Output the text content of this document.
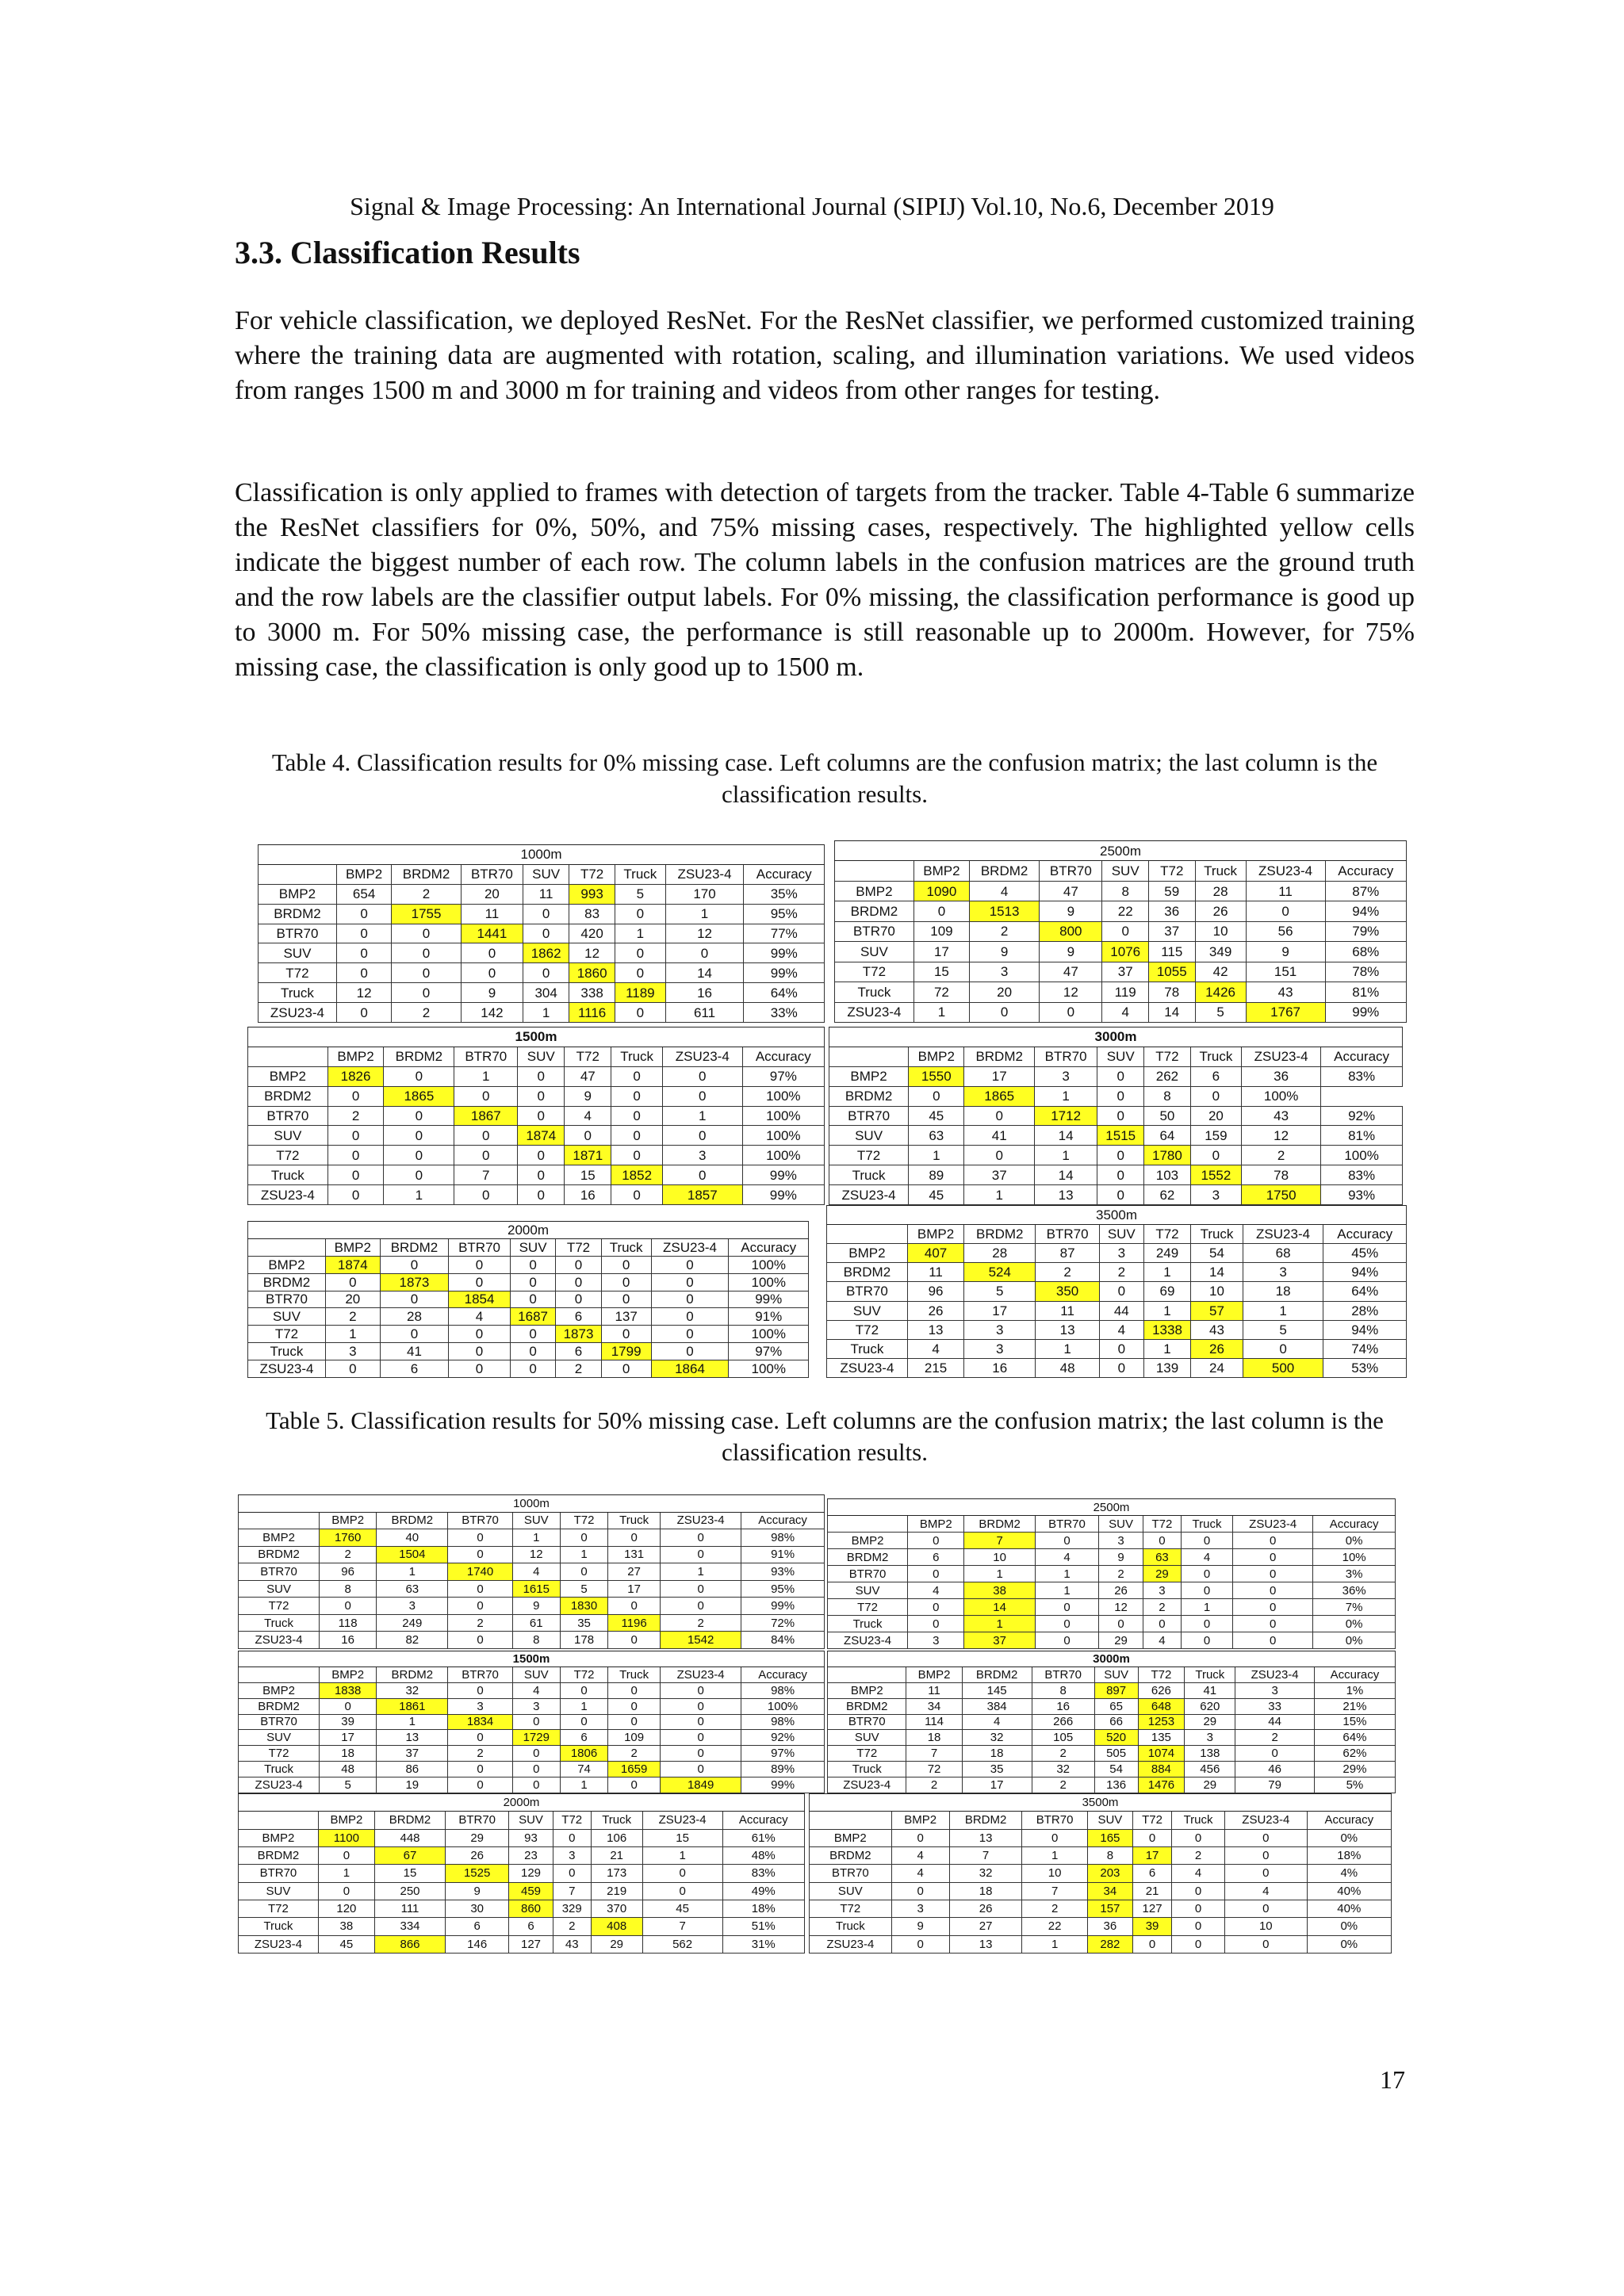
Signal & Image Processing: An International Journal (SIPIJ) Vol.10, No.6, December 2019
3.3. Classification Results
For vehicle classification, we deployed ResNet. For the ResNet classifier, we performed customized training where the training data are augmented with rotation, scaling, and illumination variations. We used videos from ranges 1500 m and 3000 m for training and videos from other ranges for testing.
Classification is only applied to frames with detection of targets from the tracker. Table 4-Table 6 summarize the ResNet classifiers for 0%, 50%, and 75% missing cases, respectively. The highlighted yellow cells indicate the biggest number of each row. The column labels in the confusion matrices are the ground truth and the row labels are the classifier output labels. For 0% missing, the classification performance is good up to 3000 m. For 50% missing case, the performance is still reasonable up to 2000m. However, for 75% missing case, the classification is only good up to 1500 m.
Table 4. Classification results for 0% missing case. Left columns are the confusion matrix; the last column is the classification results.
1000m								
	BMP2	BRDM2	BTR70	SUV	T72	Truck	ZSU23-4	Accuracy
BMP2	654	2	20	11	993	5	170	35%
BRDM2	0	1755	11	0	83	0	1	95%
BTR70	0	0	1441	0	420	1	12	77%
SUV	0	0	0	1862	12	0	0	99%
T72	0	0	0	0	1860	0	14	99%
Truck	12	0	9	304	338	1189	16	64%
ZSU23-4	0	2	142	1	1116	0	611	33%
2500m								
	BMP2	BRDM2	BTR70	SUV	T72	Truck	ZSU23-4	Accuracy
BMP2	1090	4	47	8	59	28	11	87%
BRDM2	0	1513	9	22	36	26	0	94%
BTR70	109	2	800	0	37	10	56	79%
SUV	17	9	9	1076	115	349	9	68%
T72	15	3	47	37	1055	42	151	78%
Truck	72	20	12	119	78	1426	43	81%
ZSU23-4	1	0	0	4	14	5	1767	99%
1500m								
	BMP2	BRDM2	BTR70	SUV	T72	Truck	ZSU23-4	Accuracy
BMP2	1826	0	1	0	47	0	0	97%
BRDM2	0	1865	0	0	9	0	0	100%
BTR70	2	0	1867	0	4	0	1	100%
SUV	0	0	0	1874	0	0	0	100%
T72	0	0	0	0	1871	0	3	100%
Truck	0	0	7	0	15	1852	0	99%
ZSU23-4	0	1	0	0	16	0	1857	99%
3000m								
	BMP2	BRDM2	BTR70	SUV	T72	Truck	ZSU23-4	Accuracy
BMP2	1550	17	3	0	262	6	36	83%
BRDM2	0	1865	1	0	8	0	100%	
BTR70	45	0	1712	0	50	20	43	92%
SUV	63	41	14	1515	64	159	12	81%
T72	1	0	1	0	1780	0	2	100%
Truck	89	37	14	0	103	1552	78	83%
ZSU23-4	45	1	13	0	62	3	1750	93%
2000m								
	BMP2	BRDM2	BTR70	SUV	T72	Truck	ZSU23-4	Accuracy
BMP2	1874	0	0	0	0	0	0	100%
BRDM2	0	1873	0	0	0	0	0	100%
BTR70	20	0	1854	0	0	0	0	99%
SUV	2	28	4	1687	6	137	0	91%
T72	1	0	0	0	1873	0	0	100%
Truck	3	41	0	0	6	1799	0	97%
ZSU23-4	0	6	0	0	2	0	1864	100%
3500m								
	BMP2	BRDM2	BTR70	SUV	T72	Truck	ZSU23-4	Accuracy
BMP2	407	28	87	3	249	54	68	45%
BRDM2	11	524	2	2	1	14	3	94%
BTR70	96	5	350	0	69	10	18	64%
SUV	26	17	11	44	1	57	1	28%
T72	13	3	13	4	1338	43	5	94%
Truck	4	3	1	0	1	26	0	74%
ZSU23-4	215	16	48	0	139	24	500	53%
Table 5. Classification results for 50% missing case. Left columns are the confusion matrix; the last column is the classification results.
1000m								
	BMP2	BRDM2	BTR70	SUV	T72	Truck	ZSU23-4	Accuracy
BMP2	1760	40	0	1	0	0	0	98%
BRDM2	2	1504	0	12	1	131	0	91%
BTR70	96	1	1740	4	0	27	1	93%
SUV	8	63	0	1615	5	17	0	95%
T72	0	3	0	9	1830	0	0	99%
Truck	118	249	2	61	35	1196	2	72%
ZSU23-4	16	82	0	8	178	0	1542	84%
2500m								
	BMP2	BRDM2	BTR70	SUV	T72	Truck	ZSU23-4	Accuracy
BMP2	0	7	0	3	0	0	0	0%
BRDM2	6	10	4	9	63	4	0	10%
BTR70	0	1	1	2	29	0	0	3%
SUV	4	38	1	26	3	0	0	36%
T72	0	14	0	12	2	1	0	7%
Truck	0	1	0	0	0	0	0	0%
ZSU23-4	3	37	0	29	4	0	0	0%
1500m								
	BMP2	BRDM2	BTR70	SUV	T72	Truck	ZSU23-4	Accuracy
BMP2	1838	32	0	4	0	0	0	98%
BRDM2	0	1861	3	3	1	0	0	100%
BTR70	39	1	1834	0	0	0	0	98%
SUV	17	13	0	1729	6	109	0	92%
T72	18	37	2	0	1806	2	0	97%
Truck	48	86	0	0	74	1659	0	89%
ZSU23-4	5	19	0	0	1	0	1849	99%
3000m								
	BMP2	BRDM2	BTR70	SUV	T72	Truck	ZSU23-4	Accuracy
BMP2	11	145	8	897	626	41	3	1%
BRDM2	34	384	16	65	648	620	33	21%
BTR70	114	4	266	66	1253	29	44	15%
SUV	18	32	105	520	135	3	2	64%
T72	7	18	2	505	1074	138	0	62%
Truck	72	35	32	54	884	456	46	29%
ZSU23-4	2	17	2	136	1476	29	79	5%
2000m								
	BMP2	BRDM2	BTR70	SUV	T72	Truck	ZSU23-4	Accuracy
BMP2	1100	448	29	93	0	106	15	61%
BRDM2	0	67	26	23	3	21	1	48%
BTR70	1	15	1525	129	0	173	0	83%
SUV	0	250	9	459	7	219	0	49%
T72	120	111	30	860	329	370	45	18%
Truck	38	334	6	6	2	408	7	51%
ZSU23-4	45	866	146	127	43	29	562	31%
3500m								
	BMP2	BRDM2	BTR70	SUV	T72	Truck	ZSU23-4	Accuracy
BMP2	0	13	0	165	0	0	0	0%
BRDM2	4	7	1	8	17	2	0	18%
BTR70	4	32	10	203	6	4	0	4%
SUV	0	18	7	34	21	0	4	40%
T72	3	26	2	157	127	0	0	40%
Truck	9	27	22	36	39	0	10	0%
ZSU23-4	0	13	1	282	0	0	0	0%
17
